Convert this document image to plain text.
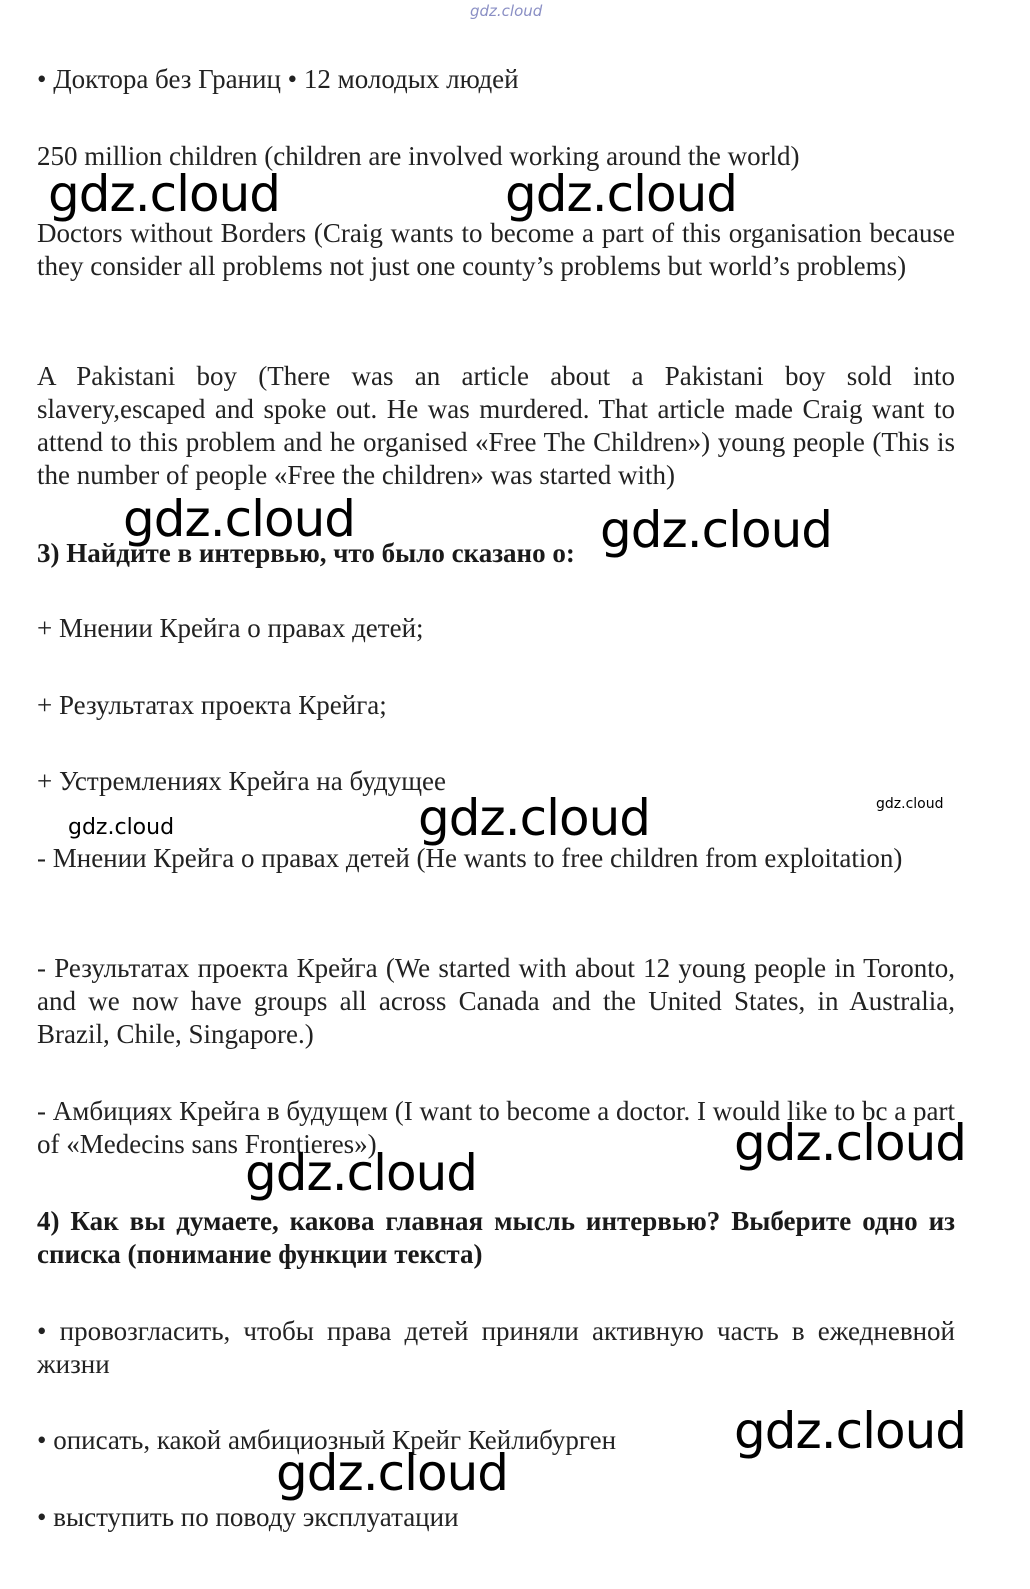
gdz.cloud

• Доктора без Границ • 12 молодых людей

250 million children (children are involved working around the world)

Doctors without Borders (Craig wants to become a part of this organisation because they consider all problems not just one county’s problems but world’s problems)

A Pakistani boy (There was an article about a Pakistani boy sold into slavery,escaped and spoke out. He was murdered. That article made Craig want to attend to this problem and he organised «Free The Children») young people (This is the number of people «Free the children» was started with)

3) Найдите в интервью, что было сказано о:

+ Мнении Крейга о правах детей;

+ Результатах проекта Крейга;

+ Устремлениях Крейга на будущее

- Мнении Крейга о правах детей (He wants to free children from exploitation)

- Результатах проекта Крейга (We started with about 12 young people in Toronto, and we now have groups all across Canada and the United States, in Australia, Brazil, Chile, Singapore.)

- Амбициях Крейга в будущем (I want to become a doctor. I would like to bc a part of «Medecins sans Frontieres»)

4) Как вы думаете, какова главная мысль интервью? Выберите одно из списка (понимание функции текста)

• провозгласить, чтобы права детей приняли активную часть в ежедневной жизни

• описать, какой амбициозный Крейг Кейлибурген

• выступить по поводу эксплуатации

gdz.cloud	gdz.cloud
gdz.cloud	gdz.cloud
gdz.cloud
gdz.cloud
gdz.cloud
gdz.cloud
gdz.cloud
gdz.cloud
gdz.cloud
